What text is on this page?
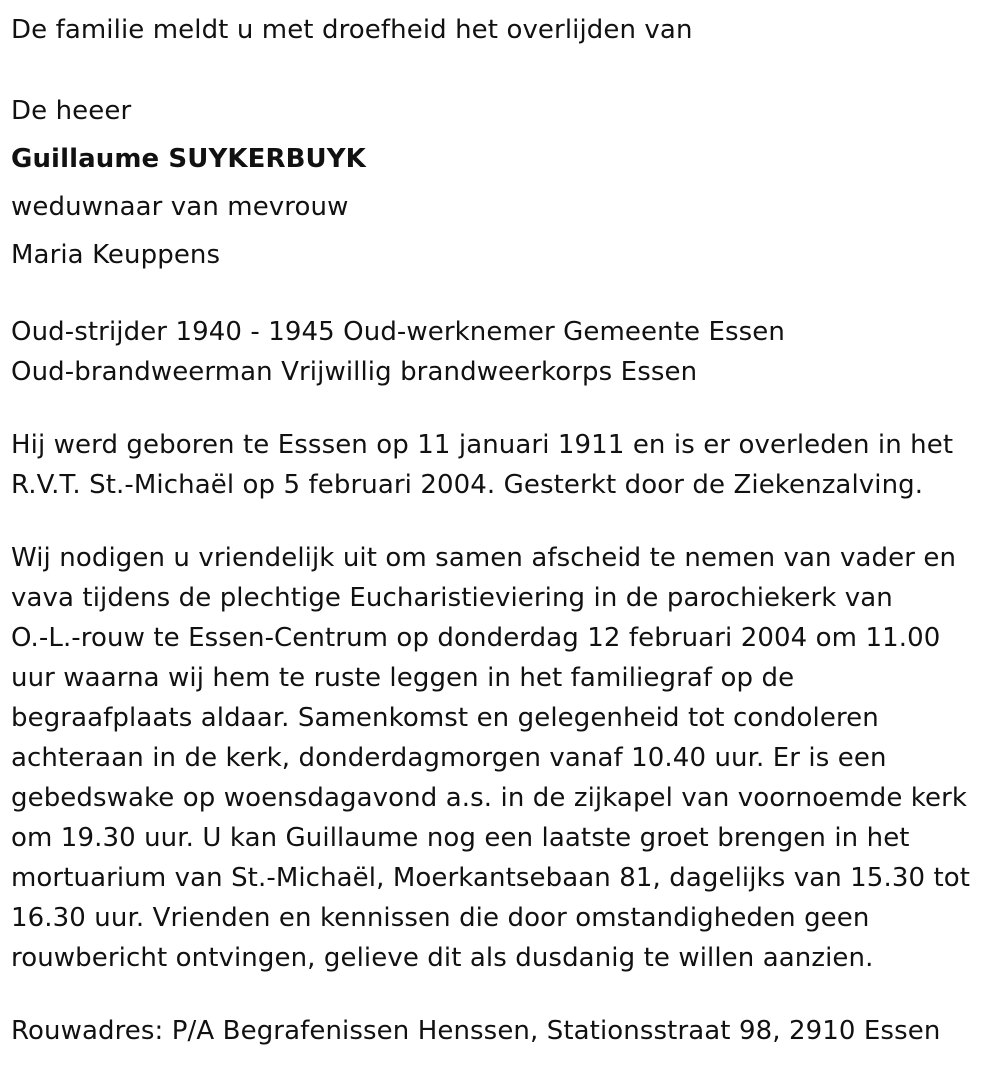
De familie meldt u met droefheid het overlijden van
De heeer
Guillaume SUYKERBUYK
weduwnaar van mevrouw
Maria Keuppens
Oud-strijder 1940 - 1945 Oud-werknemer Gemeente Essen
Oud-brandweerman Vrijwillig brandweerkorps Essen
Hij werd geboren te Esssen op 11 januari 1911 en is er overleden in het
R.V.T. St.-Michaël op 5 februari 2004. Gesterkt door de Ziekenzalving.
Wij nodigen u vriendelijk uit om samen afscheid te nemen van vader en
vava tijdens de plechtige Eucharistieviering in de parochiekerk van
O.-L.-rouw te Essen-Centrum op donderdag 12 februari 2004 om 11.00
uur waarna wij hem te ruste leggen in het familiegraf op de
begraafplaats aldaar. Samenkomst en gelegenheid tot condoleren
achteraan in de kerk, donderdagmorgen vanaf 10.40 uur. Er is een
gebedswake op woensdagavond a.s. in de zijkapel van voornoemde kerk
om 19.30 uur. U kan Guillaume nog een laatste groet brengen in het
mortuarium van St.-Michaël, Moerkantsebaan 81, dagelijks van 15.30 tot
16.30 uur. Vrienden en kennissen die door omstandigheden geen
rouwbericht ontvingen, gelieve dit als dusdanig te willen aanzien.
Rouwadres: P/A Begrafenissen Henssen, Stationsstraat 98, 2910 Essen
